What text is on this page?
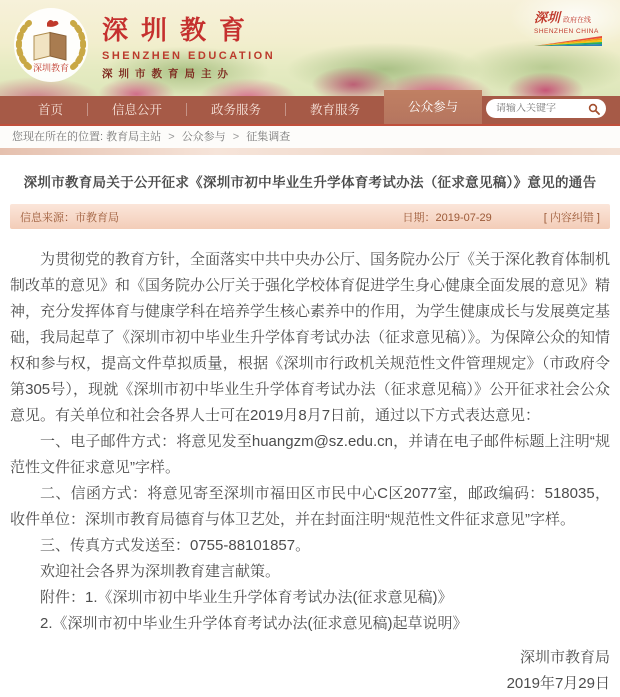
深圳教育
深圳教育
SHENZHEN EDUCATION
深圳市教育局主办
深圳 政府在线
SHENZHEN CHINA
首页	信息公开	政务服务	教育服务	公众参与
请输入关键字
您现在所在的位置: 教育局主站 > 公众参与 > 征集调查
深圳市教育局关于公开征求《深圳市初中毕业生升学体育考试办法（征求意见稿）》意见的通告
信息来源：市教育局	日期：2019-07-29	[ 内容纠错 ]

为贯彻党的教育方针，全面落实中共中央办公厅、国务院办公厅《关于深化教育体制机制改革的意见》和《国务院办公厅关于强化学校体育促进学生身心健康全面发展的意见》精神，充分发挥体育与健康学科在培养学生核心素养中的作用，为学生健康成长与发展奠定基础，我局起草了《深圳市初中毕业生升学体育考试办法（征求意见稿）》。为保障公众的知情权和参与权，提高文件草拟质量，根据《深圳市行政机关规范性文件管理规定》（市政府令第305号），现就《深圳市初中毕业生升学体育考试办法（征求意见稿）》公开征求社会公众意见。有关单位和社会各界人士可在2019月8月7日前，通过以下方式表达意见：

一、电子邮件方式：将意见发至huangzm@sz.edu.cn，并请在电子邮件标题上注明“规范性文件征求意见”字样。

二、信函方式：将意见寄至深圳市福田区市民中心C区2077室，邮政编码：518035，收件单位：深圳市教育局德育与体卫艺处，并在封面注明“规范性文件征求意见”字样。

三、传真方式发送至：0755-88101857。

欢迎社会各界为深圳教育建言献策。

附件：1.《深圳市初中毕业生升学体育考试办法(征求意见稿)》

2.《深圳市初中毕业生升学体育考试办法(征求意见稿)起草说明》

深圳市教育局
2019年7月29日
